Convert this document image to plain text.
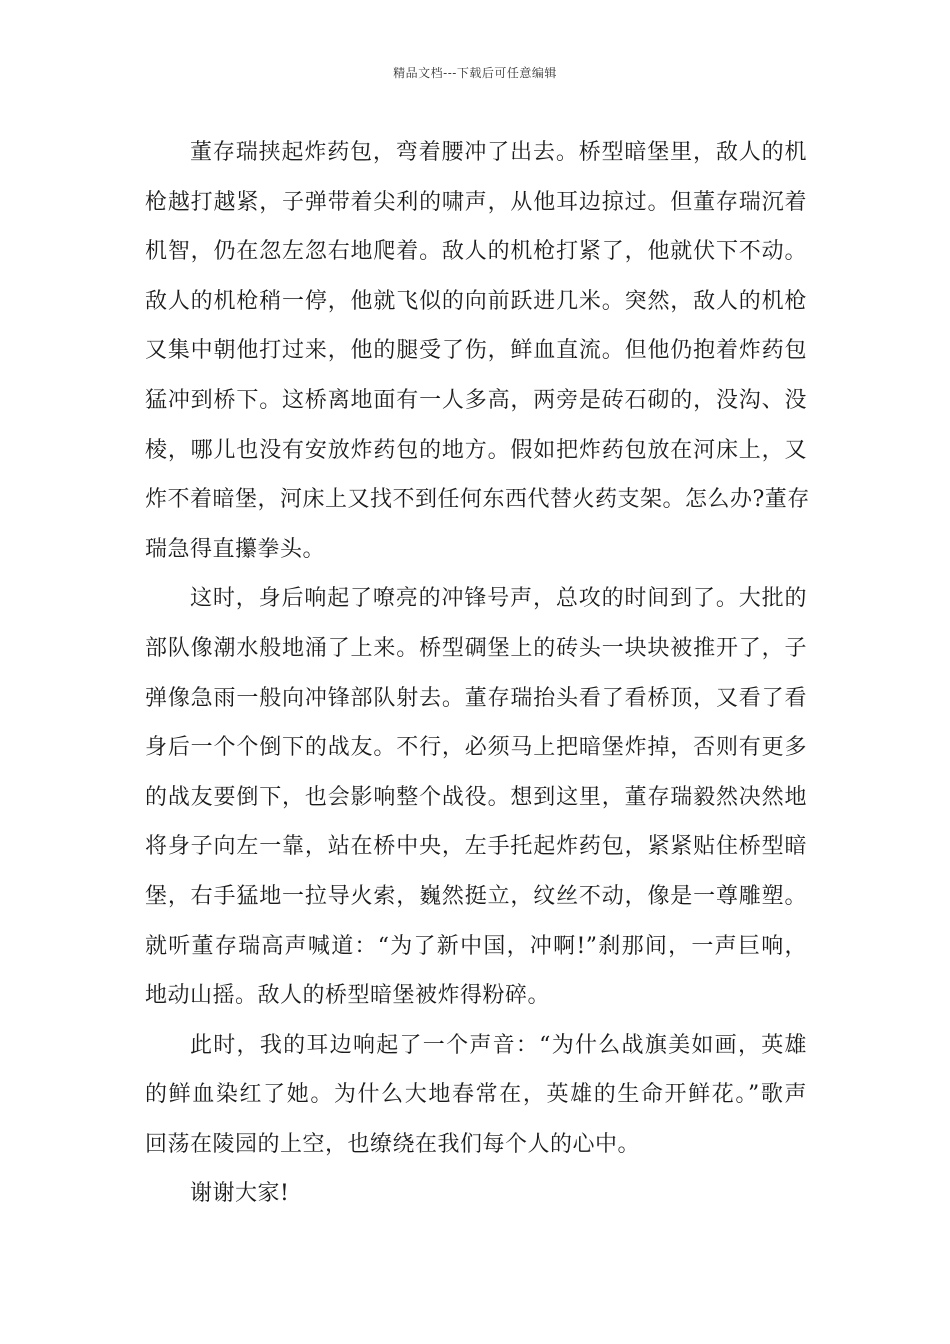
精品文档---下载后可任意编辑
董存瑞挟起炸药包，弯着腰冲了出去。桥型暗堡里，敌人的机
枪越打越紧，子弹带着尖利的啸声，从他耳边掠过。但董存瑞沉着
机智，仍在忽左忽右地爬着。敌人的机枪打紧了，他就伏下不动。
敌人的机枪稍一停，他就飞似的向前跃进几米。突然，敌人的机枪
又集中朝他打过来，他的腿受了伤，鲜血直流。但他仍抱着炸药包
猛冲到桥下。这桥离地面有一人多高，两旁是砖石砌的，没沟、没
棱，哪儿也没有安放炸药包的地方。假如把炸药包放在河床上，又
炸不着暗堡，河床上又找不到任何东西代替火药支架。怎么办?董存
瑞急得直攥拳头。
这时，身后响起了嘹亮的冲锋号声，总攻的时间到了。大批的
部队像潮水般地涌了上来。桥型碉堡上的砖头一块块被推开了，子
弹像急雨一般向冲锋部队射去。董存瑞抬头看了看桥顶，又看了看
身后一个个倒下的战友。不行，必须马上把暗堡炸掉，否则有更多
的战友要倒下，也会影响整个战役。想到这里，董存瑞毅然决然地
将身子向左一靠，站在桥中央，左手托起炸药包，紧紧贴住桥型暗
堡，右手猛地一拉导火索，巍然挺立，纹丝不动，像是一尊雕塑。
就听董存瑞高声喊道：“为了新中国，冲啊!”刹那间，一声巨响，
地动山摇。敌人的桥型暗堡被炸得粉碎。
此时，我的耳边响起了一个声音：“为什么战旗美如画，英雄
的鲜血染红了她。为什么大地春常在，英雄的生命开鲜花。”歌声
回荡在陵园的上空，也缭绕在我们每个人的心中。
谢谢大家!
